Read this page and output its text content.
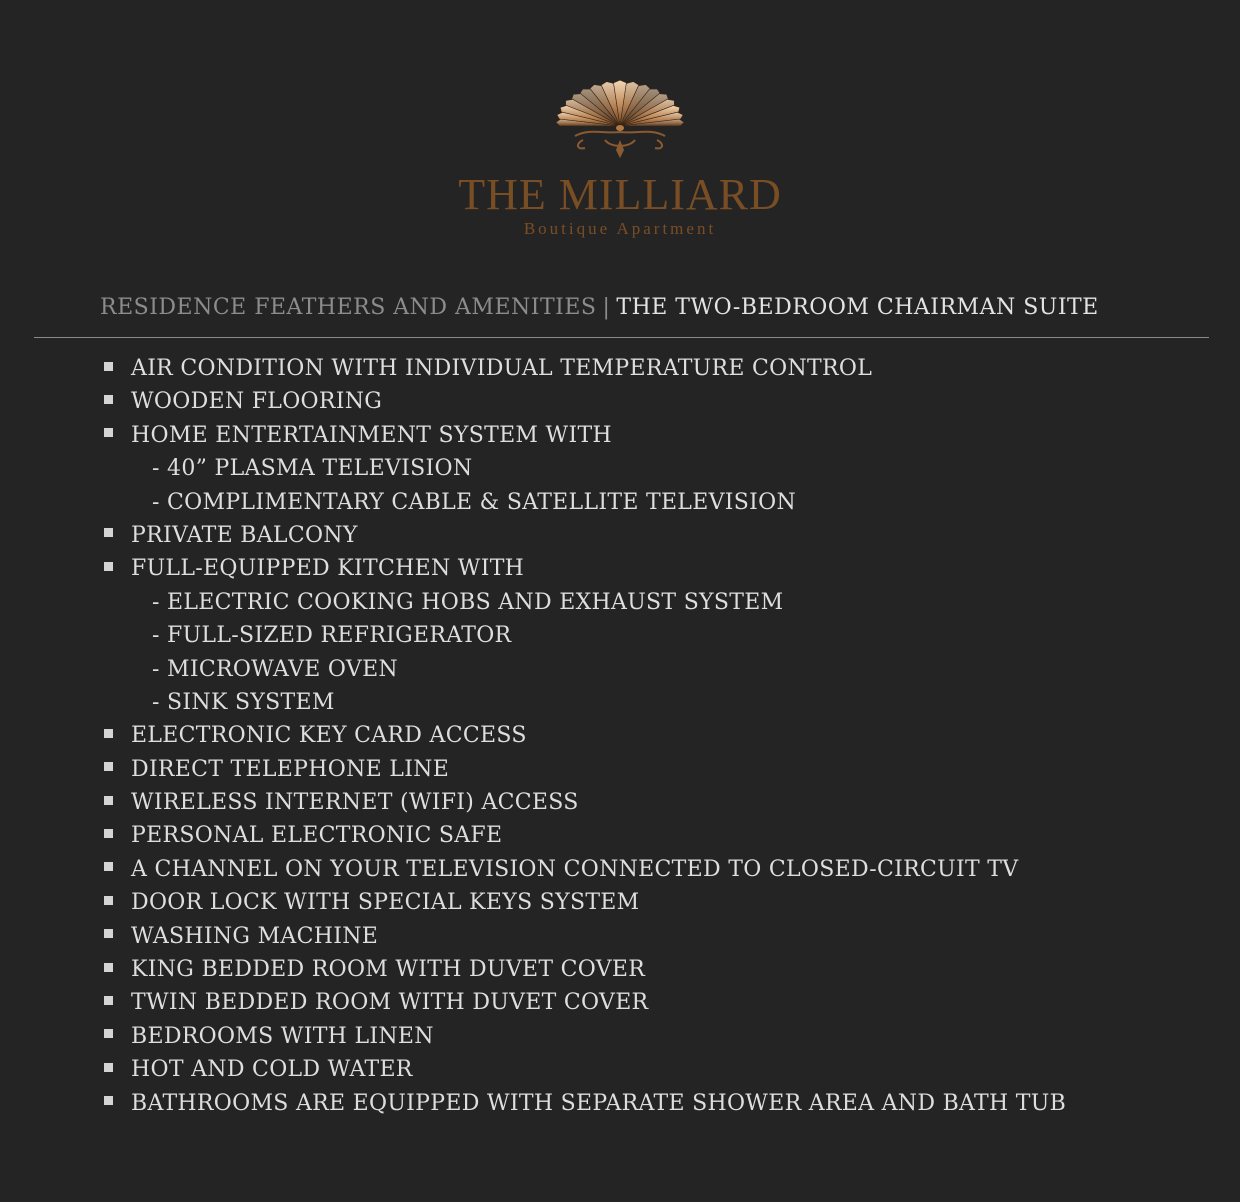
THE MILLIARD
Boutique Apartment
RESIDENCE FEATHERS AND AMENITIES | THE TWO-BEDROOM CHAIRMAN SUITE
AIR CONDITION WITH INDIVIDUAL TEMPERATURE CONTROL
WOODEN FLOORING
HOME ENTERTAINMENT SYSTEM WITH
- 40” PLASMA TELEVISION
- COMPLIMENTARY CABLE & SATELLITE TELEVISION
PRIVATE BALCONY
FULL-EQUIPPED KITCHEN WITH
- ELECTRIC COOKING HOBS AND EXHAUST SYSTEM
- FULL-SIZED REFRIGERATOR
- MICROWAVE OVEN
- SINK SYSTEM
ELECTRONIC KEY CARD ACCESS
DIRECT TELEPHONE LINE
WIRELESS INTERNET (WIFI) ACCESS
PERSONAL ELECTRONIC SAFE
A CHANNEL ON YOUR TELEVISION CONNECTED TO CLOSED-CIRCUIT TV
DOOR LOCK WITH SPECIAL KEYS SYSTEM
WASHING MACHINE
KING BEDDED ROOM WITH DUVET COVER
TWIN BEDDED ROOM WITH DUVET COVER
BEDROOMS WITH LINEN
HOT AND COLD WATER
BATHROOMS ARE EQUIPPED WITH SEPARATE SHOWER AREA AND BATH TUB
